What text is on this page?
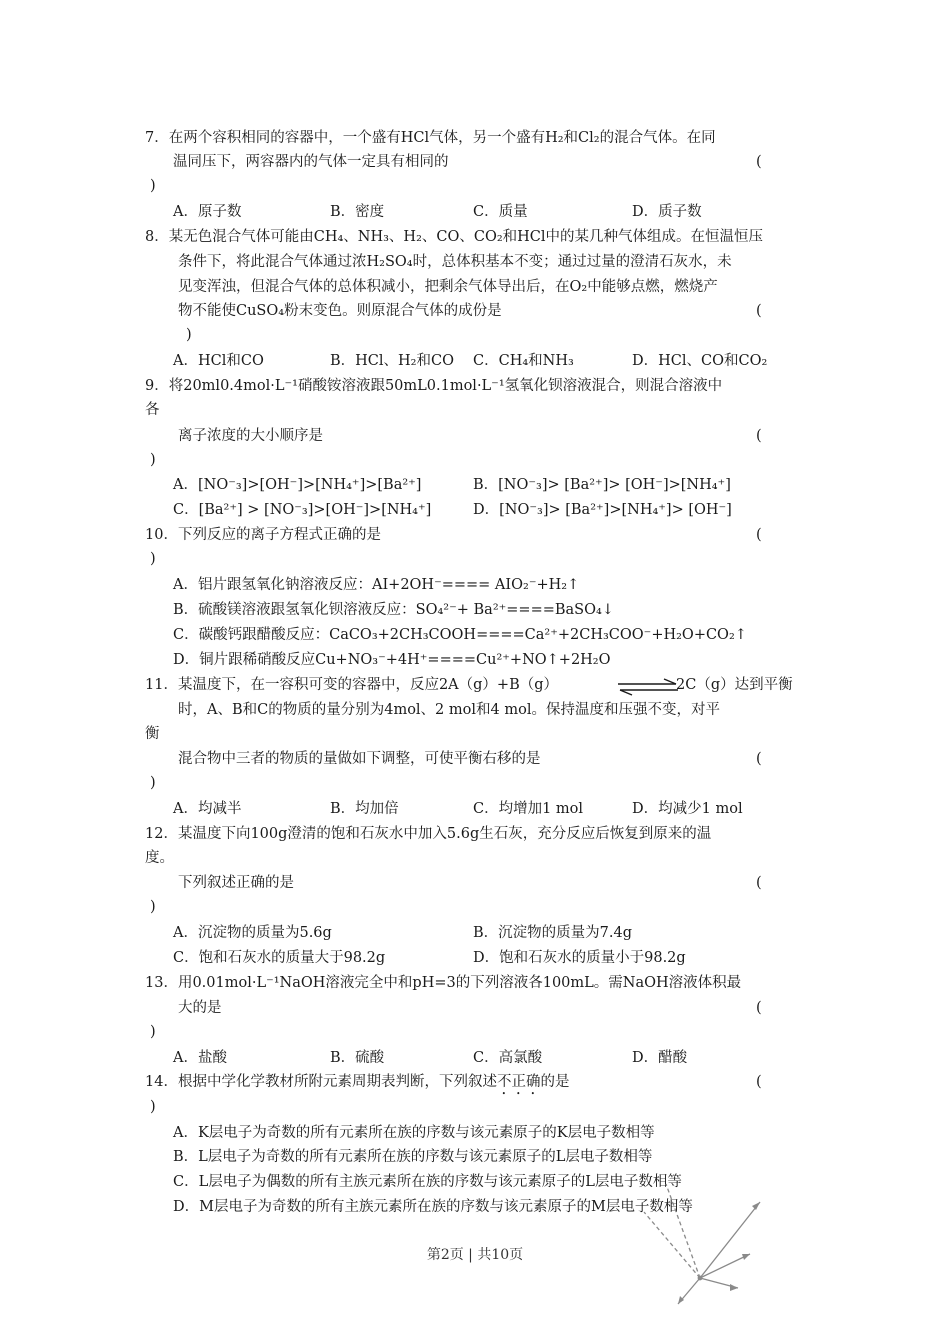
7．在两个容积相同的容器中，一个盛有HCl气体，另一个盛有H₂和Cl₂的混合气体。在同
温同压下，两容器内的气体一定具有相同的	(
)
A．原子数	B．密度	C．质量	D．质子数
8．某无色混合气体可能由CH₄、NH₃、H₂、CO、CO₂和HCl中的某几种气体组成。在恒温恒压
条件下，将此混合气体通过浓H₂SO₄时，总体积基本不变；通过过量的澄清石灰水，未
见变浑浊，但混合气体的总体积减小，把剩余气体导出后，在O₂中能够点燃，燃烧产
物不能使CuSO₄粉末变色。则原混合气体的成份是	(
)
A．HCl和CO	B．HCl、H₂和CO C．CH₄和NH₃	D．HCl、CO和CO₂
9．将20ml0.4mol·L⁻¹硝酸铵溶液跟50mL0.1mol·L⁻¹氢氧化钡溶液混合，则混合溶液中
各
离子浓度的大小顺序是	(
)
A．[NO⁻₃]>[OH⁻]>[NH₄⁺]>[Ba²⁺]	B．[NO⁻₃]> [Ba²⁺]> [OH⁻]>[NH₄⁺]
C．[Ba²⁺] > [NO⁻₃]>[OH⁻]>[NH₄⁺]	D．[NO⁻₃]> [Ba²⁺]>[NH₄⁺]> [OH⁻]
10．下列反应的离子方程式正确的是	(
)
A．铝片跟氢氧化钠溶液反应：AI+2OH⁻==== AIO₂⁻+H₂↑
B．硫酸镁溶液跟氢氧化钡溶液反应：SO₄²⁻+ Ba²⁺====BaSO₄↓
C．碳酸钙跟醋酸反应：CaCO₃+2CH₃COOH====Ca²⁺+2CH₃COO⁻+H₂O+CO₂↑
D．铜片跟稀硝酸反应Cu+NO₃⁻+4H⁺====Cu²⁺+NO↑+2H₂O
11．某温度下，在一容积可变的容器中，反应2A（g）+B（g）	2C（g）达到平衡
时，A、B和C的物质的量分别为4mol、2 mol和4 mol。保持温度和压强不变，对平
衡
混合物中三者的物质的量做如下调整，可使平衡右移的是	(
)
A．均减半	B．均加倍	C．均增加1 mol	D．均减少1 mol
12．某温度下向100g澄清的饱和石灰水中加入5.6g生石灰，充分反应后恢复到原来的温
度。
下列叙述正确的是	(
)
A．沉淀物的质量为5.6g	B．沉淀物的质量为7.4g
C．饱和石灰水的质量大于98.2g	D．饱和石灰水的质量小于98.2g
13．用0.01mol·L⁻¹NaOH溶液完全中和pH=3的下列溶液各100mL。需NaOH溶液体积最
大的是	(
)
A．盐酸	B．硫酸	C．高氯酸	D．醋酸
14．根据中学化学教材所附元素周期表判断，下列叙述不正确的是	(
)
A．K层电子为奇数的所有元素所在族的序数与该元素原子的K层电子数相等
B．L层电子为奇数的所有元素所在族的序数与该元素原子的L层电子数相等
C．L层电子为偶数的所有主族元素所在族的序数与该元素原子的L层电子数相等
D．M层电子为奇数的所有主族元素所在族的序数与该元素原子的M层电子数相等
第2页 | 共10页
